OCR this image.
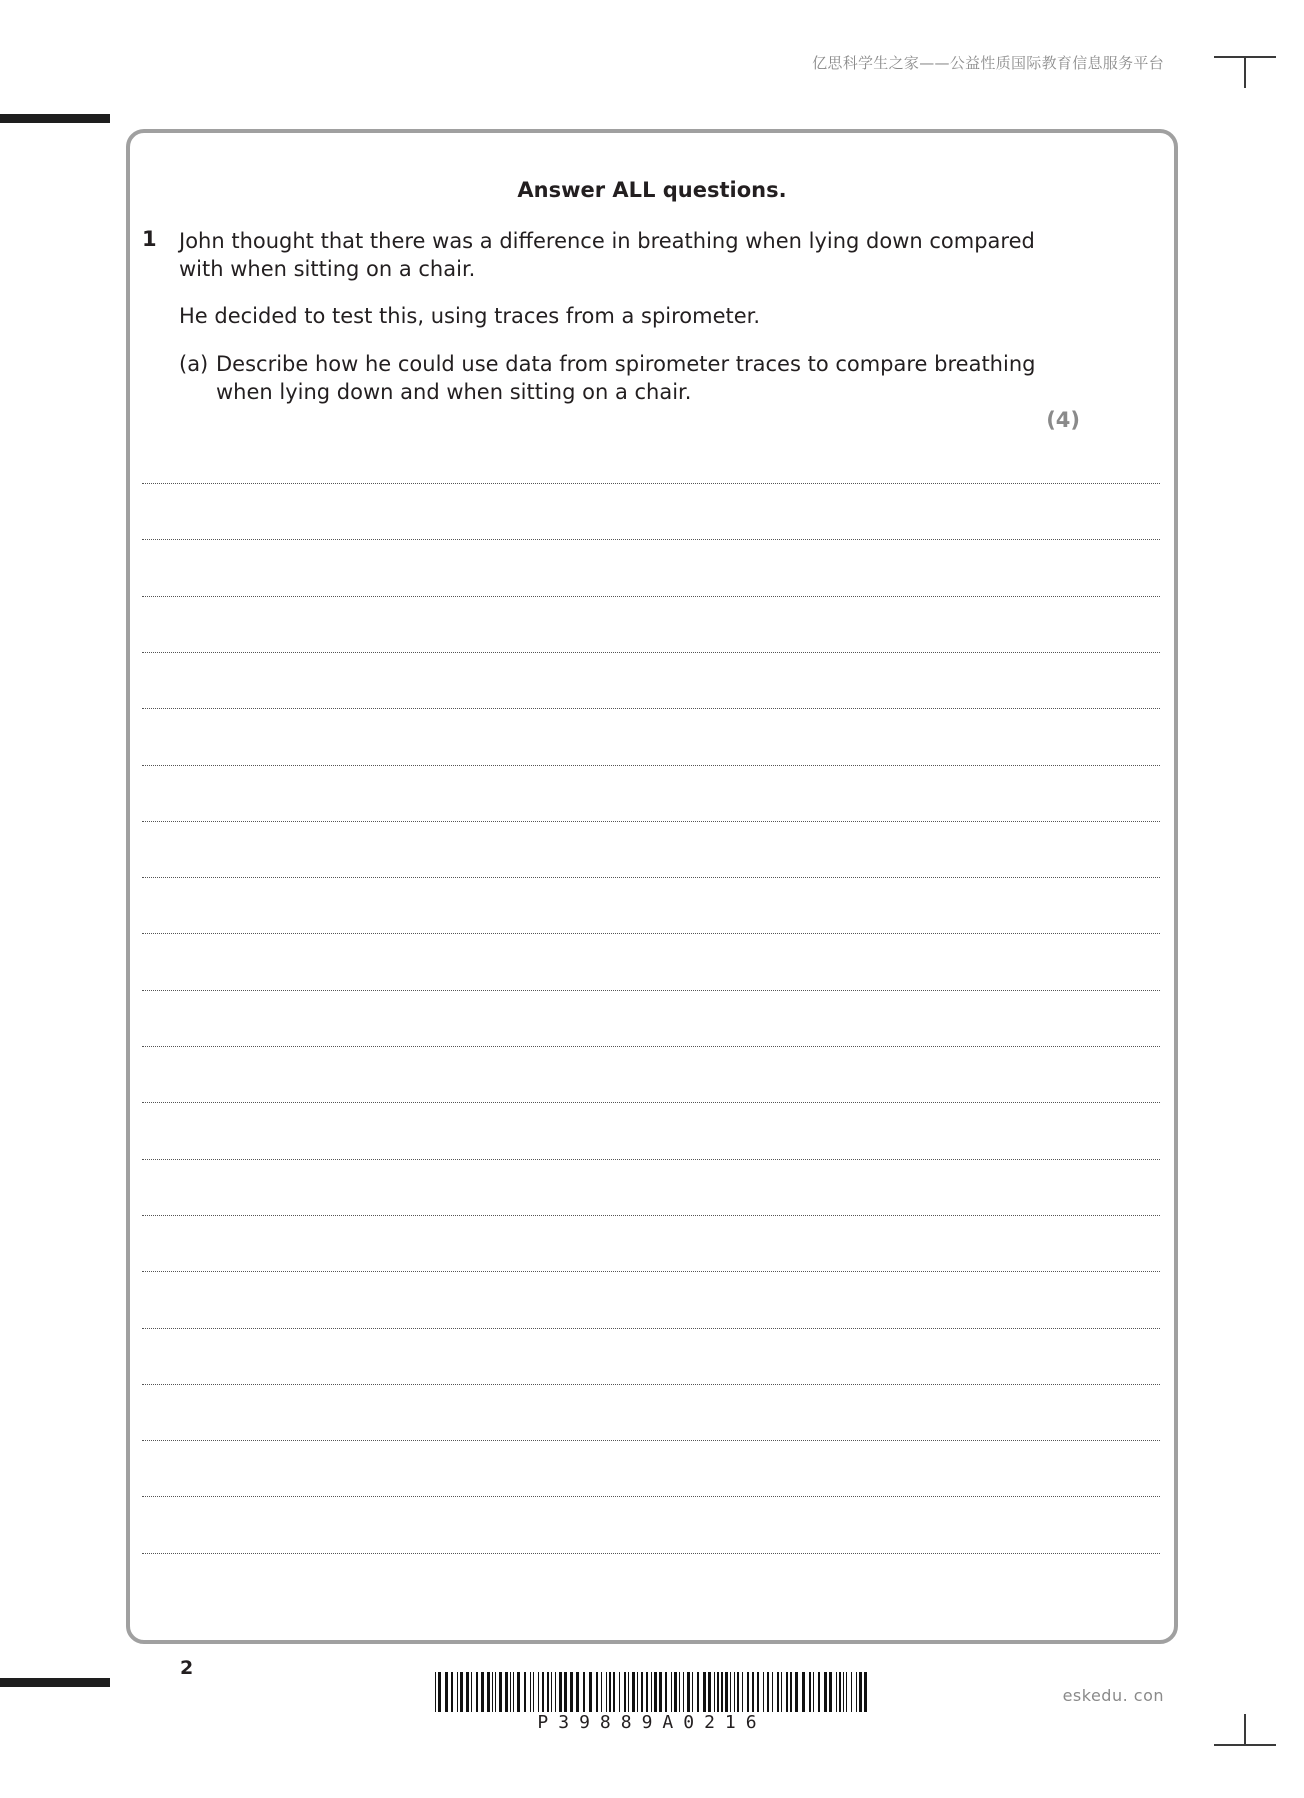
亿思科学生之家——公益性质国际教育信息服务平台
Answer ALL questions.
1 John thought that there was a difference in breathing when lying down compared
with when sitting on a chair.
He decided to test this, using traces from a spirometer.
(a) Describe how he could use data from spirometer traces to compare breathing
when lying down and when sitting on a chair.
(4)
2
P39889A0216
eskedu. con
